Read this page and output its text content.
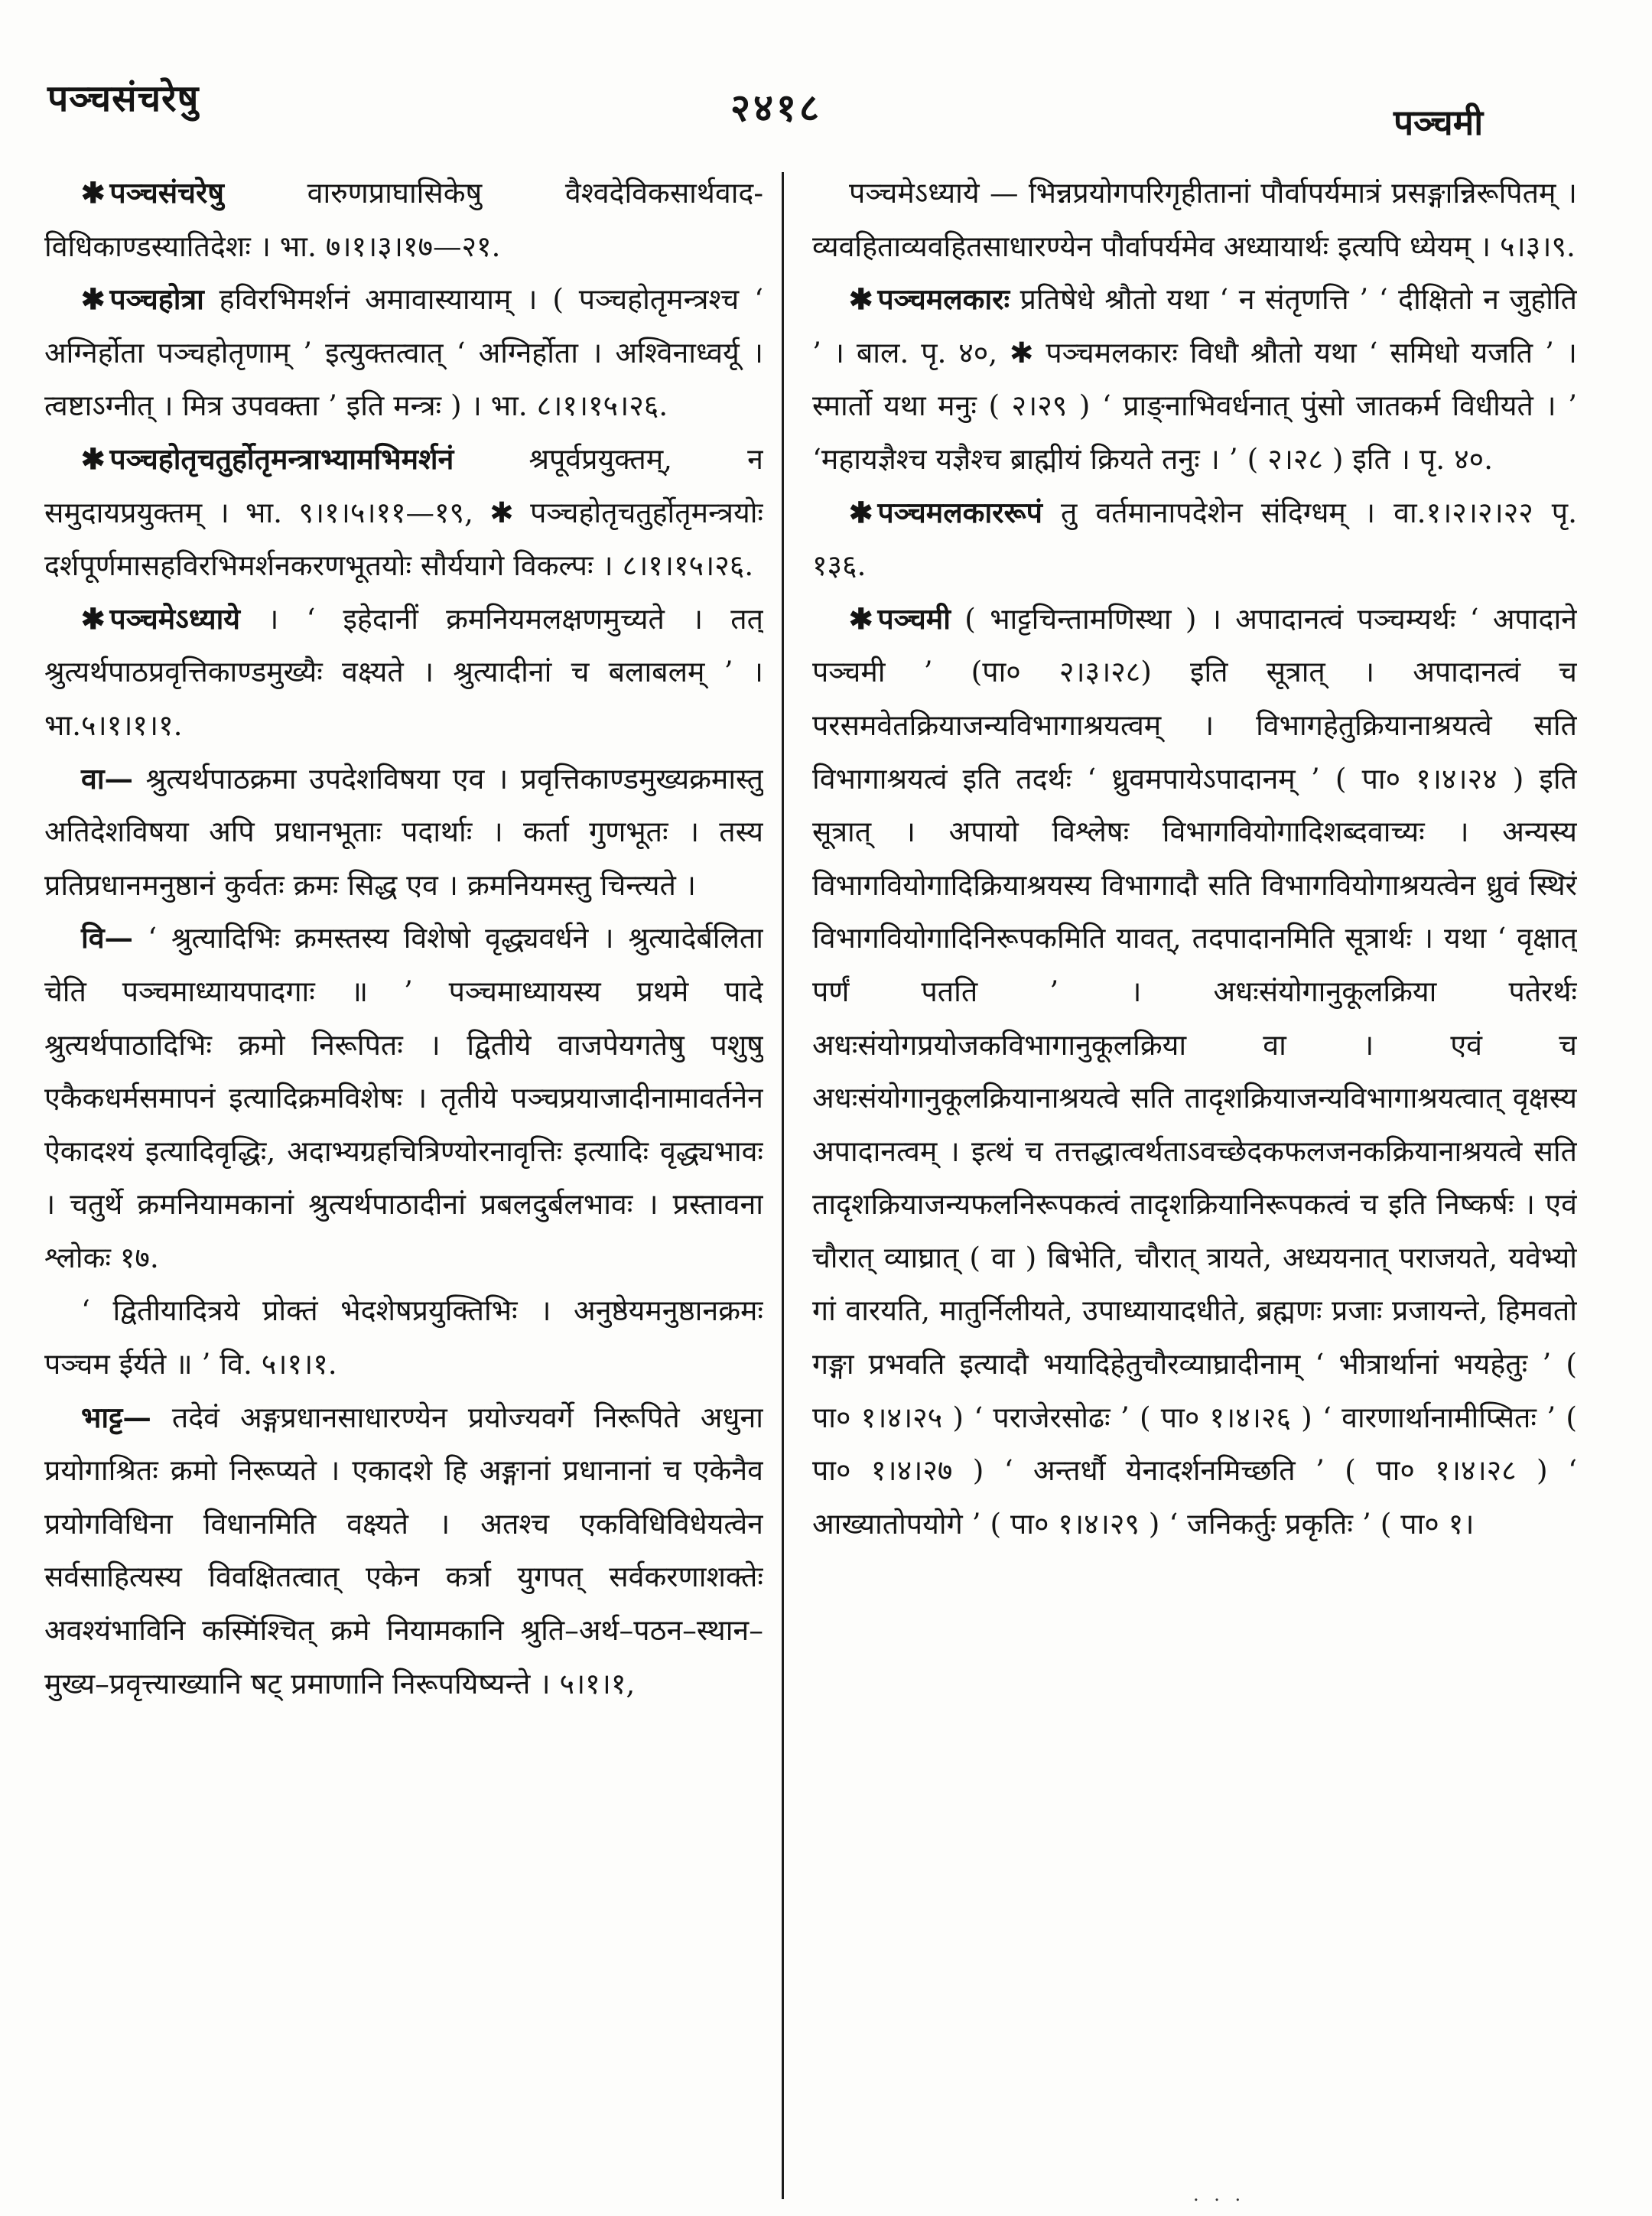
पञ्चसंचरेषु	२४१८	पञ्चमी

✱ पञ्चसंचरेषु वारुणप्राघासिकेषु वैश्वदेविकसार्थवाद-विधिकाण्डस्यातिदेशः । भा. ७।१।३।१७—२१.

✱ पञ्चहोत्रा हविरभिमर्शनं अमावास्यायाम् । ( पञ्चहोतृमन्त्रश्च ‘ अग्निर्होता पञ्चहोतृणाम् ’ इत्युक्तत्वात् ‘ अग्निर्होता । अश्विनाध्वर्यू । त्वष्टाऽग्नीत् । मित्र उपवक्ता ’ इति मन्त्रः ) । भा. ८।१।१५।२६.

✱ पञ्चहोतृचतुर्होतृमन्त्राभ्यामभिमर्शनं श्रपूर्वप्रयुक्तम्, न समुदायप्रयुक्तम् । भा. ९।१।५।११—१९, ✱ पञ्चहोतृचतुर्होतृमन्त्रयोः दर्शपूर्णमासहविरभिमर्शनकरणभूतयोः सौर्ययागे विकल्पः । ८।१।१५।२६.

✱ पञ्चमेऽध्याये । ‘ इहेदानीं क्रमनियमलक्षणमुच्यते । तत् श्रुत्यर्थपाठप्रवृत्तिकाण्डमुख्यैः वक्ष्यते । श्रुत्यादीनां च बलाबलम् ’ । भा.५।१।१।१.

वा— श्रुत्यर्थपाठक्रमा उपदेशविषया एव । प्रवृत्तिकाण्डमुख्यक्रमास्तु अतिदेशविषया अपि प्रधानभूताः पदार्थाः । कर्ता गुणभूतः । तस्य प्रतिप्रधानमनुष्ठानं कुर्वतः क्रमः सिद्ध एव । क्रमनियमस्तु चिन्त्यते ।

वि— ‘ श्रुत्यादिभिः क्रमस्तस्य विशेषो वृद्ध्यवर्धने । श्रुत्यादेर्बलिता चेति पञ्चमाध्यायपादगाः ॥ ’ पञ्चमाध्यायस्य प्रथमे पादे श्रुत्यर्थपाठादिभिः क्रमो निरूपितः । द्वितीये वाजपेयगतेषु पशुषु एकैकधर्मसमापनं इत्यादिक्रमविशेषः । तृतीये पञ्चप्रयाजादीनामावर्तनेन ऐकादश्यं इत्यादिवृद्धिः, अदाभ्यग्रहचित्रिण्योरनावृत्तिः इत्यादिः वृद्ध्यभावः । चतुर्थे क्रमनियामकानां श्रुत्यर्थपाठादीनां प्रबलदुर्बलभावः । प्रस्तावना श्लोकः १७.

‘ द्वितीयादित्रये प्रोक्तं भेदशेषप्रयुक्तिभिः । अनुष्ठेयमनुष्ठानक्रमः पञ्चम ईर्यते ॥ ’ वि. ५।१।१.

भाट्ट— तदेवं अङ्गप्रधानसाधारण्येन प्रयोज्यवर्गे निरूपिते अधुना प्रयोगाश्रितः क्रमो निरूप्यते । एकादशे हि अङ्गानां प्रधानानां च एकेनैव प्रयोगविधिना विधानमिति वक्ष्यते । अतश्च एकविधिविधेयत्वेन सर्वसाहित्यस्य विवक्षितत्वात् एकेन कर्त्रा युगपत् सर्वकरणाशक्तेः अवश्यंभाविनि कस्मिंश्चित् क्रमे नियामकानि श्रुति–अर्थ–पठन–स्थान–मुख्य–प्रवृत्त्याख्यानि षट् प्रमाणानि निरूपयिष्यन्ते । ५।१।१,

पञ्चमेऽध्याये — भिन्नप्रयोगपरिगृहीतानां पौर्वापर्यमात्रं प्रसङ्गान्निरूपितम् । व्यवहिताव्यवहितसाधारण्येन पौर्वापर्यमेव अध्यायार्थः इत्यपि ध्येयम् । ५।३।९.

✱ पञ्चमलकारः प्रतिषेधे श्रौतो यथा ‘ न संतृणत्ति ’ ‘ दीक्षितो न जुहोति ’ । बाल. पृ. ४०, ✱ पञ्चमलकारः विधौ श्रौतो यथा ‘ समिधो यजति ’ । स्मार्तो यथा मनुः ( २।२९ ) ‘ प्राङ्नाभिवर्धनात् पुंसो जातकर्म विधीयते । ’ ‘महायज्ञैश्च यज्ञैश्च ब्राह्मीयं क्रियते तनुः । ’ ( २।२८ ) इति । पृ. ४०.

✱ पञ्चमलकाररूपं तु वर्तमानापदेशेन संदिग्धम् । वा.१।२।२।२२ पृ. १३६.

✱ पञ्चमी ( भाट्टचिन्तामणिस्था ) । अपादानत्वं पञ्चम्यर्थः ‘ अपादाने पञ्चमी ’ (पा० २।३।२८) इति सूत्रात् । अपादानत्वं च परसमवेतक्रियाजन्यविभागाश्रयत्वम् । विभागहेतुक्रियानाश्रयत्वे सति विभागाश्रयत्वं इति तदर्थः ‘ ध्रुवमपायेऽपादानम् ’ ( पा० १।४।२४ ) इति सूत्रात् । अपायो विश्लेषः विभागवियोगादिशब्दवाच्यः । अन्यस्य विभागवियोगादिक्रियाश्रयस्य विभागादौ सति विभागवियोगाश्रयत्वेन ध्रुवं स्थिरं विभागवियोगादिनिरूपकमिति यावत्, तदपादानमिति सूत्रार्थः । यथा ‘ वृक्षात् पर्णं पतति ’ । अधःसंयोगानुकूलक्रिया पतेरर्थः अधःसंयोगप्रयोजकविभागानुकूलक्रिया वा । एवं च अधःसंयोगानुकूलक्रियानाश्रयत्वे सति तादृशक्रियाजन्यविभागाश्रयत्वात् वृक्षस्य अपादानत्वम् । इत्थं च तत्तद्धात्वर्थताऽवच्छेदकफलजनकक्रियानाश्रयत्वे सति तादृशक्रियाजन्यफलनिरूपकत्वं तादृशक्रियानिरूपकत्वं च इति निष्कर्षः । एवं चौरात् व्याघ्रात् ( वा ) बिभेति, चौरात् त्रायते, अध्ययनात् पराजयते, यवेभ्यो गां वारयति, मातुर्निलीयते, उपाध्यायादधीते, ब्रह्मणः प्रजाः प्रजायन्ते, हिमवतो गङ्गा प्रभवति इत्यादौ भयादिहेतुचौरव्याघ्रादीनाम् ‘ भीत्रार्थानां भयहेतुः ’ ( पा० १।४।२५ ) ‘ पराजेरसोढः ’ ( पा० १।४।२६ ) ‘ वारणार्थानामीप्सितः ’ ( पा० १।४।२७ ) ‘ अन्तर्धौ येनादर्शनमिच्छति ’ ( पा० १।४।२८ ) ‘ आख्यातोपयोगे ’ ( पा० १।४।२९ ) ‘ जनिकर्तुः प्रकृतिः ’ ( पा० १।

. . .
